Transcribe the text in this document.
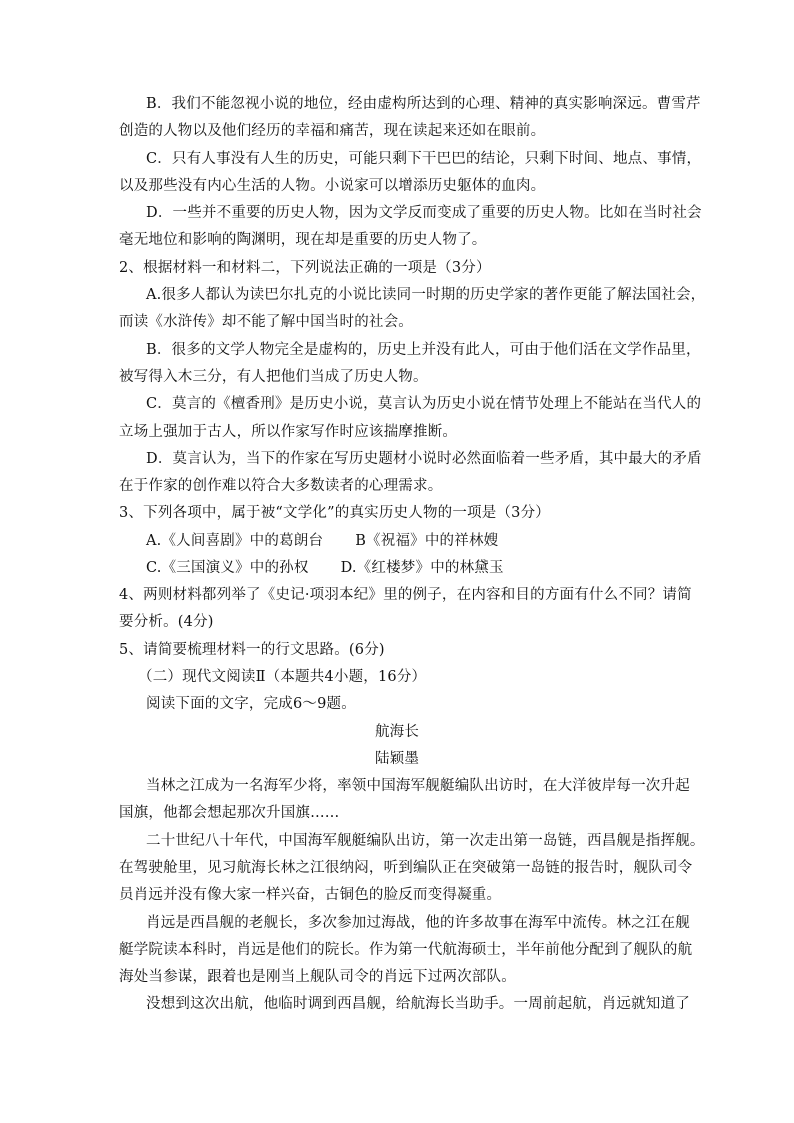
B．我们不能忽视小说的地位，经由虚构所达到的心理、精神的真实影响深远。曹雪芹
创造的人物以及他们经历的幸福和痛苦，现在读起来还如在眼前。
C．只有人事没有人生的历史，可能只剩下干巴巴的结论，只剩下时间、地点、事情，
以及那些没有内心生活的人物。小说家可以增添历史躯体的血肉。
D．一些并不重要的历史人物，因为文学反而变成了重要的历史人物。比如在当时社会
毫无地位和影响的陶渊明，现在却是重要的历史人物了。
2、根据材料一和材料二，下列说法正确的一项是（3分）
A.很多人都认为读巴尔扎克的小说比读同一时期的历史学家的著作更能了解法国社会，
而读《水浒传》却不能了解中国当时的社会。
B．很多的文学人物完全是虚构的，历史上并没有此人，可由于他们活在文学作品里，
被写得入木三分，有人把他们当成了历史人物。
C．莫言的《檀香刑》是历史小说，莫言认为历史小说在情节处理上不能站在当代人的
立场上强加于古人，所以作家写作时应该揣摩推断。
D．莫言认为，当下的作家在写历史题材小说时必然面临着一些矛盾，其中最大的矛盾
在于作家的创作难以符合大多数读者的心理需求。
3、下列各项中，属于被“文学化”的真实历史人物的一项是（3分）
A.《人间喜剧》中的葛朗台 B《祝福》中的祥林嫂
C.《三国演义》中的孙权 D.《红楼梦》中的林黛玉
4、两则材料都列举了《史记·项羽本纪》里的例子，在内容和目的方面有什么不同？请简
要分析。(4分)
5、请简要梳理材料一的行文思路。(6分)
（二）现代文阅读Ⅱ（本题共4小题，16分）
阅读下面的文字，完成6～9题。
航海长
陆颖墨
当林之江成为一名海军少将，率领中国海军舰艇编队出访时，在大洋彼岸每一次升起
国旗，他都会想起那次升国旗……
二十世纪八十年代，中国海军舰艇编队出访，第一次走出第一岛链，西昌舰是指挥舰。
在驾驶舱里，见习航海长林之江很纳闷，听到编队正在突破第一岛链的报告时，舰队司令
员肖远并没有像大家一样兴奋，古铜色的脸反而变得凝重。
肖远是西昌舰的老舰长，多次参加过海战，他的许多故事在海军中流传。林之江在舰
艇学院读本科时，肖远是他们的院长。作为第一代航海硕士，半年前他分配到了舰队的航
海处当参谋，跟着也是刚当上舰队司令的肖远下过两次部队。
没想到这次出航，他临时调到西昌舰，给航海长当助手。一周前起航，肖远就知道了
